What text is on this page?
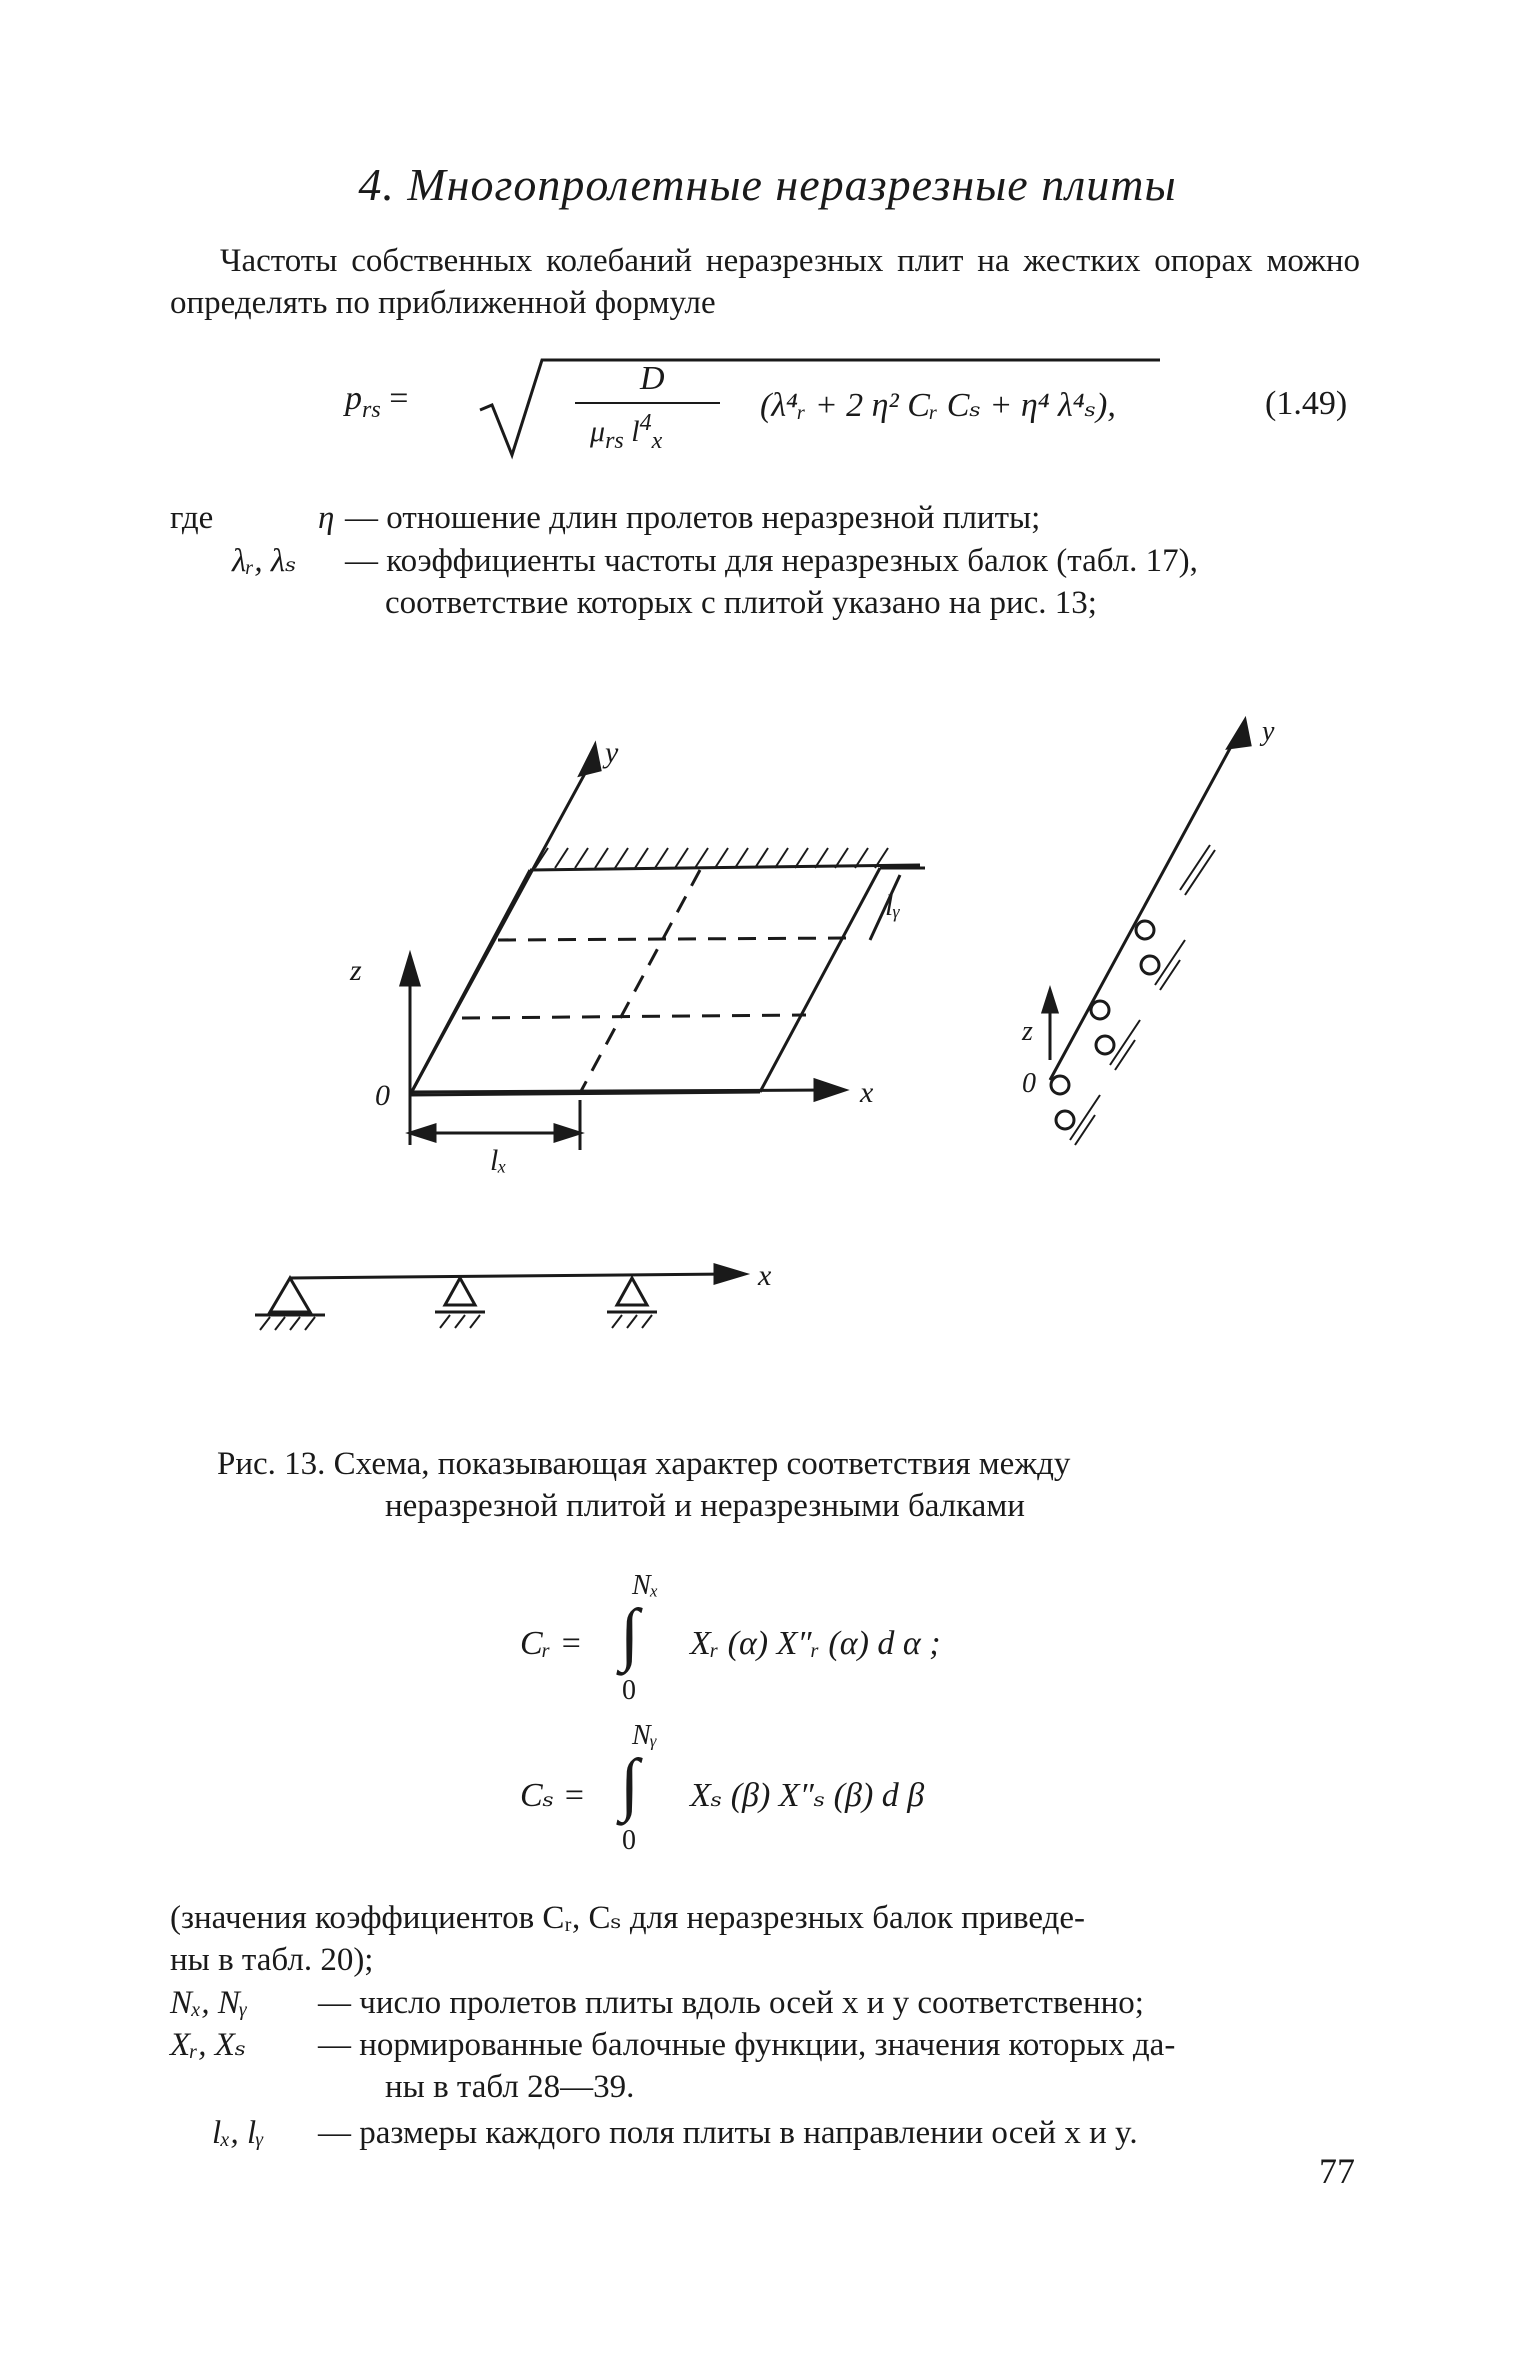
4. Многопролетные неразрезные плиты
Частоты собственных колебаний неразрезных плит на жестких опорах можно определять по приближенной формуле
$p_{rs}$ =
D
$\mu_{rs}$ $l^4_x$
(λ⁴ᵣ + 2 η² Cᵣ Cₛ + η⁴ λ⁴ₛ),	(1.49)
где	η — отношение длин пролетов неразрезной плиты;
λᵣ, λₛ — коэффициенты частоты для неразрезных балок (табл. 17),
соответствие которых с плитой указано на рис. 13;
y
z
0	x
lₓ
lᵧ
y
z
0
x
Рис. 13. Схема, показывающая характер соответствия между
неразрезной плитой и неразрезными балками
Cᵣ =
Nₓ
∫
0
Xᵣ (α) X″ᵣ (α) d α ;
Cₛ =
Nᵧ
∫
0
Xₛ (β) X″ₛ (β) d β
(значения коэффициентов Cᵣ, Cₛ для неразрезных балок приведе-
ны в табл. 20);
Nₓ, Nᵧ — число пролетов плиты вдоль осей x и y соответственно;
Xᵣ, Xₛ — нормированные балочные функции, значения которых да-
ны в табл 28—39.
lₓ, lᵧ — размеры каждого поля плиты в направлении осей x и y.
77
